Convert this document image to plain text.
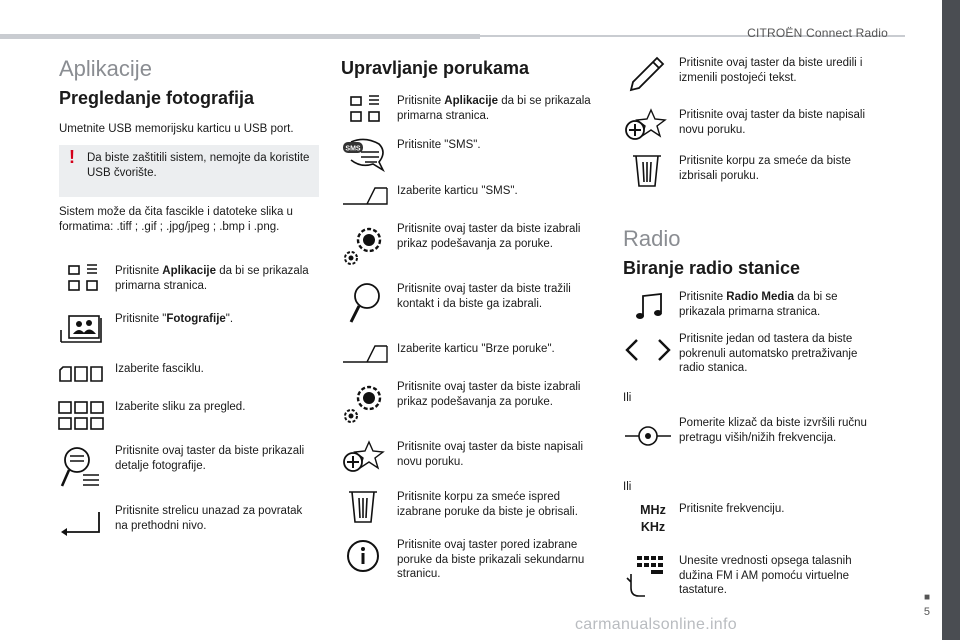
CITROËN Connect Radio
■
5
carmanualsonline.info
Aplikacije
Pregledanje fotografija
Umetnite USB memorijsku karticu u USB port.
! Da biste zaštitili sistem, nemojte da koristite USB čvorište.
Sistem može da čita fascikle i datoteke slika u formatima: .tiff ; .gif ; .jpg/jpeg ; .bmp i .png.
Pritisnite Aplikacije da bi se prikazala primarna stranica.
Pritisnite "Fotografije".
Izaberite fasciklu.
Izaberite sliku za pregled.
Pritisnite ovaj taster da biste prikazali detalje fotografije.
Pritisnite strelicu unazad za povratak na prethodni nivo.
Upravljanje porukama
Pritisnite Aplikacije da bi se prikazala primarna stranica.
SMS	Pritisnite "SMS".
Izaberite karticu "SMS".
Pritisnite ovaj taster da biste izabrali prikaz podešavanja za poruke.
Pritisnite ovaj taster da biste tražili kontakt i da biste ga izabrali.
Izaberite karticu "Brze poruke".
Pritisnite ovaj taster da biste izabrali prikaz podešavanja za poruke.
Pritisnite ovaj taster da biste napisali novu poruku.
Pritisnite korpu za smeće ispred izabrane poruke da biste je obrisali.
Pritisnite ovaj taster pored izabrane poruke da biste prikazali sekundarnu stranicu.
Pritisnite ovaj taster da biste uredili i izmenili postojeći tekst.
Pritisnite ovaj taster da biste napisali novu poruku.
Pritisnite korpu za smeće da biste izbrisali poruku.
Radio
Biranje radio stanice
Pritisnite Radio Media da bi se prikazala primarna stranica.
Pritisnite jedan od tastera da biste pokrenuli automatsko pretraživanje radio stanica.
Ili
Pomerite klizač da biste izvršili ručnu pretragu viših/nižih frekvencija.
Ili
MHz
KHz
Pritisnite frekvenciju.
Unesite vrednosti opsega talasnih dužina FM i AM pomoću virtuelne tastature.
